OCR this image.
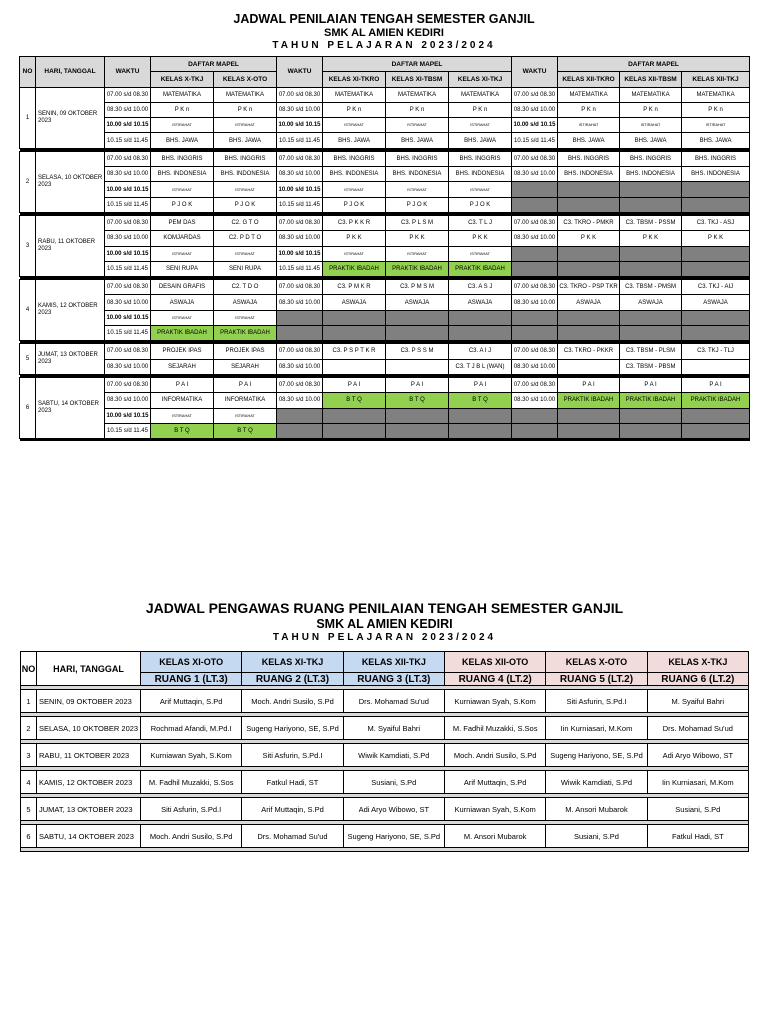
JADWAL PENILAIAN TENGAH SEMESTER GANJIL
SMK AL AMIEN KEDIRI
TAHUN PELAJARAN 2023/2024
NO	HARI, TANGGAL	WAKTU	DAFTAR MAPEL		WAKTU	DAFTAR MAPEL			WAKTU	DAFTAR MAPEL		
			KELAS X-TKJ	KELAS X-OTO		KELAS XI-TKRO	KELAS XI-TBSM	KELAS XI-TKJ		KELAS XII-TKRO	KELAS XII-TBSM	KELAS XII-TKJ
1	SENIN, 09 OKTOBER 2023	07.00 s/d 08.30	MATEMATIKA	MATEMATIKA	07.00 s/d 08.30	MATEMATIKA	MATEMATIKA	MATEMATIKA	07.00 s/d 08.30	MATEMATIKA	MATEMATIKA	MATEMATIKA
		08.30 s/d 10.00	P K n	P K n	08.30 s/d 10.00	P K n	P K n	P K n	08.30 s/d 10.00	P K n	P K n	P K n
		10.00 s/d 10.15	ISTIRAHAT	ISTIRAHAT	10.00 s/d 10.15	ISTIRAHAT	ISTIRAHAT	ISTIRAHAT	10.00 s/d 10.15	ISTIRAHAT	ISTIRAHAT	ISTIRAHAT
		10.15 s/d 11.45	BHS. JAWA	BHS. JAWA	10.15 s/d 11.45	BHS. JAWA	BHS. JAWA	BHS. JAWA	10.15 s/d 11.45	BHS. JAWA	BHS. JAWA	BHS. JAWA

2	SELASA, 10 OKTOBER 2023	07.00 s/d 08.30	BHS. INGGRIS	BHS. INGGRIS	07.00 s/d 08.30	BHS. INGGRIS	BHS. INGGRIS	BHS. INGGRIS	07.00 s/d 08.30	BHS. INGGRIS	BHS. INGGRIS	BHS. INGGRIS
		08.30 s/d 10.00	BHS. INDONESIA	BHS. INDONESIA	08.30 s/d 10.00	BHS. INDONESIA	BHS. INDONESIA	BHS. INDONESIA	08.30 s/d 10.00	BHS. INDONESIA	BHS. INDONESIA	BHS. INDONESIA
		10.00 s/d 10.15	ISTIRAHAT	ISTIRAHAT	10.00 s/d 10.15	ISTIRAHAT	ISTIRAHAT	ISTIRAHAT				
		10.15 s/d 11.45	P J O K	P J O K	10.15 s/d 11.45	P J O K	P J O K	P J O K				

3	RABU, 11 OKTOBER 2023	07.00 s/d 08.30	PEM DAS	C2. G T O	07.00 s/d 08.30	C3. P K K R	C3. P L S M	C3. T L J	07.00 s/d 08.30	C3. TKRO - PMKR	C3. TBSM - PSSM	C3. TKJ - ASJ
		08.30 s/d 10.00	KOMJARDAS	C2. P D T O	08.30 s/d 10.00	P K K	P K K	P K K	08.30 s/d 10.00	P K K	P K K	P K K
		10.00 s/d 10.15	ISTIRAHAT	ISTIRAHAT	10.00 s/d 10.15	ISTIRAHAT	ISTIRAHAT	ISTIRAHAT				
		10.15 s/d 11.45	SENI RUPA	SENI RUPA	10.15 s/d 11.45	PRAKTIK IBADAH	PRAKTIK IBADAH	PRAKTIK IBADAH				

4	KAMIS, 12 OKTOBER 2023	07.00 s/d 08.30	DESAIN GRAFIS	C2. T D O	07.00 s/d 08.30	C3. P M K R	C3. P M S M	C3. A S J	07.00 s/d 08.30	C3. TKRO - PSP TKR	C3. TBSM - PMSM	C3. TKJ - AIJ
		08.30 s/d 10.00	ASWAJA	ASWAJA	08.30 s/d 10.00	ASWAJA	ASWAJA	ASWAJA	08.30 s/d 10.00	ASWAJA	ASWAJA	ASWAJA
		10.00 s/d 10.15	ISTIRAHAT	ISTIRAHAT								
		10.15 s/d 11.45	PRAKTIK IBADAH	PRAKTIK IBADAH								

5	JUMAT, 13 OKTOBER 2023	07.00 s/d 08.30	PROJEK IPAS	PROJEK IPAS	07.00 s/d 08.30	C3. P S P T K R	C3. P S S M	C3. A I J	07.00 s/d 08.30	C3. TKRO - PKKR	C3. TBSM - PLSM	C3. TKJ - TLJ
		08.30 s/d 10.00	SEJARAH	SEJARAH	08.30 s/d 10.00			C3. T J B L (WAN)	08.30 s/d 10.00		C3. TBSM - PBSM	

6	SABTU, 14 OKTOBER 2023	07.00 s/d 08.30	P A I	P A I	07.00 s/d 08.30	P A I	P A I	P A I	07.00 s/d 08.30	P A I	P A I	P A I
		08.30 s/d 10.00	INFORMATIKA	INFORMATIKA	08.30 s/d 10.00	B T Q	B T Q	B T Q	08.30 s/d 10.00	PRAKTIK IBADAH	PRAKTIK IBADAH	PRAKTIK IBADAH
		10.00 s/d 10.15	ISTIRAHAT	ISTIRAHAT								
		10.15 s/d 11.45	B T Q	B T Q								

JADWAL PENGAWAS RUANG PENILAIAN TENGAH SEMESTER GANJIL
SMK AL AMIEN KEDIRI
TAHUN PELAJARAN 2023/2024
NO	HARI, TANGGAL	KELAS XI-OTO	KELAS XI-TKJ	KELAS XII-TKJ	KELAS XII-OTO	KELAS X-OTO	KELAS X-TKJ
		RUANG 1 (LT.3)	RUANG 2 (LT.3)	RUANG 3 (LT.3)	RUANG 4 (LT.2)	RUANG 5 (LT.2)	RUANG 6 (LT.2)

1	SENIN, 09 OKTOBER 2023	Arif Muttaqin, S.Pd	Moch. Andri Susilo, S.Pd	Drs. Mohamad Su'ud	Kurniawan Syah, S.Kom	Siti Asfurin, S.Pd.I	M. Syaiful Bahri

2	SELASA, 10 OKTOBER 2023	Rochmad Afandi, M.Pd.I	Sugeng Hariyono, SE, S.Pd	M. Syaiful Bahri	M. Fadhil Muzakki, S.Sos	Iin Kurniasari, M.Kom	Drs. Mohamad Su'ud

3	RABU, 11 OKTOBER 2023	Kurniawan Syah, S.Kom	Siti Asfurin, S.Pd.I	Wiwik Kamdiati, S.Pd	Moch. Andri Susilo, S.Pd	Sugeng Hariyono, SE, S.Pd	Adi Aryo Wibowo, ST

4	KAMIS, 12 OKTOBER 2023	M. Fadhil Muzakki, S.Sos	Fatkul Hadi, ST	Susiani, S.Pd	Arif Muttaqin, S.Pd	Wiwik Kamdiati, S.Pd	Iin Kurniasari, M.Kom

5	JUMAT, 13 OKTOBER 2023	Siti Asfurin, S.Pd.I	Arif Muttaqin, S.Pd	Adi Aryo Wibowo, ST	Kurniawan Syah, S.Kom	M. Ansori Mubarok	Susiani, S.Pd

6	SABTU, 14 OKTOBER 2023	Moch. Andri Susilo, S.Pd	Drs. Mohamad Su'ud	Sugeng Hariyono, SE, S.Pd	M. Ansori Mubarok	Susiani, S.Pd	Fatkul Hadi, ST
